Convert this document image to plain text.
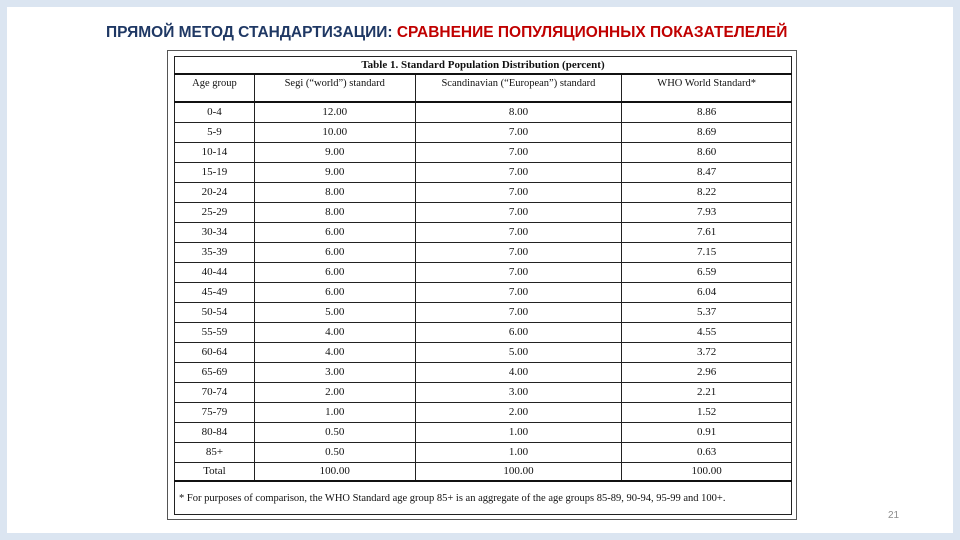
ПРЯМОЙ МЕТОД СТАНДАРТИЗАЦИИ: СРАВНЕНИЕ ПОПУЛЯЦИОННЫХ ПОКАЗАТЕЛЕЛЕЙ
Table 1. Standard Population Distribution (percent)			
Age group	Segi (“world”) standard	Scandinavian (“European”) standard	WHO World Standard*
0-4	12.00	8.00	8.86
5-9	10.00	7.00	8.69
10-14	9.00	7.00	8.60
15-19	9.00	7.00	8.47
20-24	8.00	7.00	8.22
25-29	8.00	7.00	7.93
30-34	6.00	7.00	7.61
35-39	6.00	7.00	7.15
40-44	6.00	7.00	6.59
45-49	6.00	7.00	6.04
50-54	5.00	7.00	5.37
55-59	4.00	6.00	4.55
60-64	4.00	5.00	3.72
65-69	3.00	4.00	2.96
70-74	2.00	3.00	2.21
75-79	1.00	2.00	1.52
80-84	0.50	1.00	0.91
85+	0.50	1.00	0.63
Total	100.00	100.00	100.00
* For purposes of comparison, the WHO Standard age group 85+ is an aggregate of the age groups 85-89, 90-94, 95-99 and 100+.			
21
